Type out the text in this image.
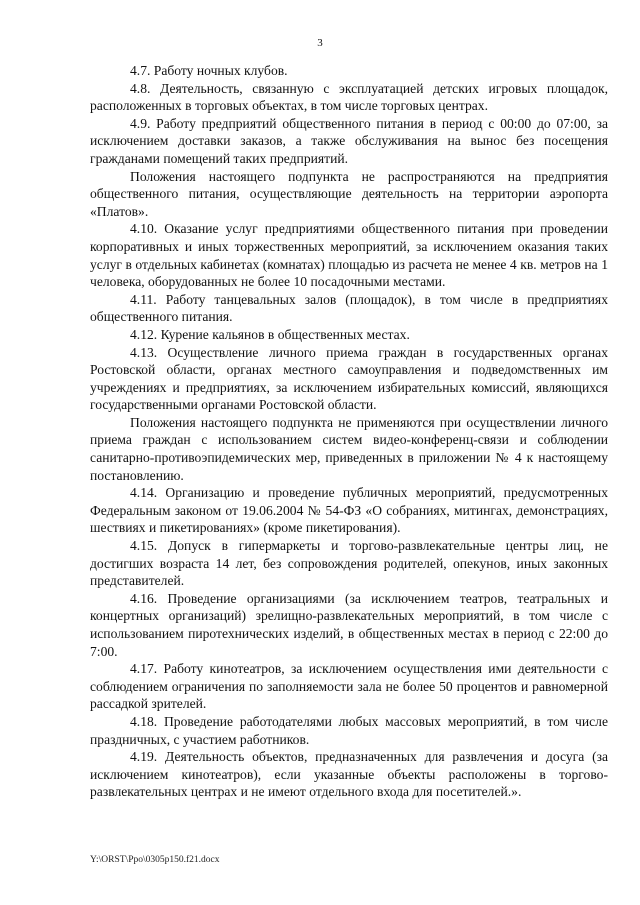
3

4.7. Работу ночных клубов.

4.8. Деятельность, связанную с эксплуатацией детских игровых площадок, расположенных в торговых объектах, в том числе торговых центрах.

4.9. Работу предприятий общественного питания в период с 00:00 до 07:00, за исключением доставки заказов, а также обслуживания на вынос без посещения гражданами помещений таких предприятий.

Положения настоящего подпункта не распространяются на предприятия общественного питания, осуществляющие деятельность на территории аэропорта «Платов».

4.10. Оказание услуг предприятиями общественного питания при проведении корпоративных и иных торжественных мероприятий, за исключением оказания таких услуг в отдельных кабинетах (комнатах) площадью из расчета не менее 4 кв. метров на 1 человека, оборудованных не более 10 посадочными местами.

4.11. Работу танцевальных залов (площадок), в том числе в предприятиях общественного питания.

4.12. Курение кальянов в общественных местах.

4.13. Осуществление личного приема граждан в государственных органах Ростовской области, органах местного самоуправления и подведомственных им учреждениях и предприятиях, за исключением избирательных комиссий, являющихся государственными органами Ростовской области.

Положения настоящего подпункта не применяются при осуществлении личного приема граждан с использованием систем видео-конференц-связи и соблюдении санитарно-противоэпидемических мер, приведенных в приложении № 4 к настоящему постановлению.

4.14. Организацию и проведение публичных мероприятий, предусмотренных Федеральным законом от 19.06.2004 № 54-ФЗ «О собраниях, митингах, демонстрациях, шествиях и пикетированиях» (кроме пикетирования).

4.15. Допуск в гипермаркеты и торгово-развлекательные центры лиц, не достигших возраста 14 лет, без сопровождения родителей, опекунов, иных законных представителей.

4.16. Проведение организациями (за исключением театров, театральных и концертных организаций) зрелищно-развлекательных мероприятий, в том числе с использованием пиротехнических изделий, в общественных местах в период с 22:00 до 7:00.

4.17. Работу кинотеатров, за исключением осуществления ими деятельности с соблюдением ограничения по заполняемости зала не более 50 процентов и равномерной рассадкой зрителей.

4.18. Проведение работодателями любых массовых мероприятий, в том числе праздничных, с участием работников.

4.19. Деятельность объектов, предназначенных для развлечения и досуга (за исключением кинотеатров), если указанные объекты расположены в торгово-развлекательных центрах и не имеют отдельного входа для посетителей.».

Y:\ORST\Ppo\0305p150.f21.docx
